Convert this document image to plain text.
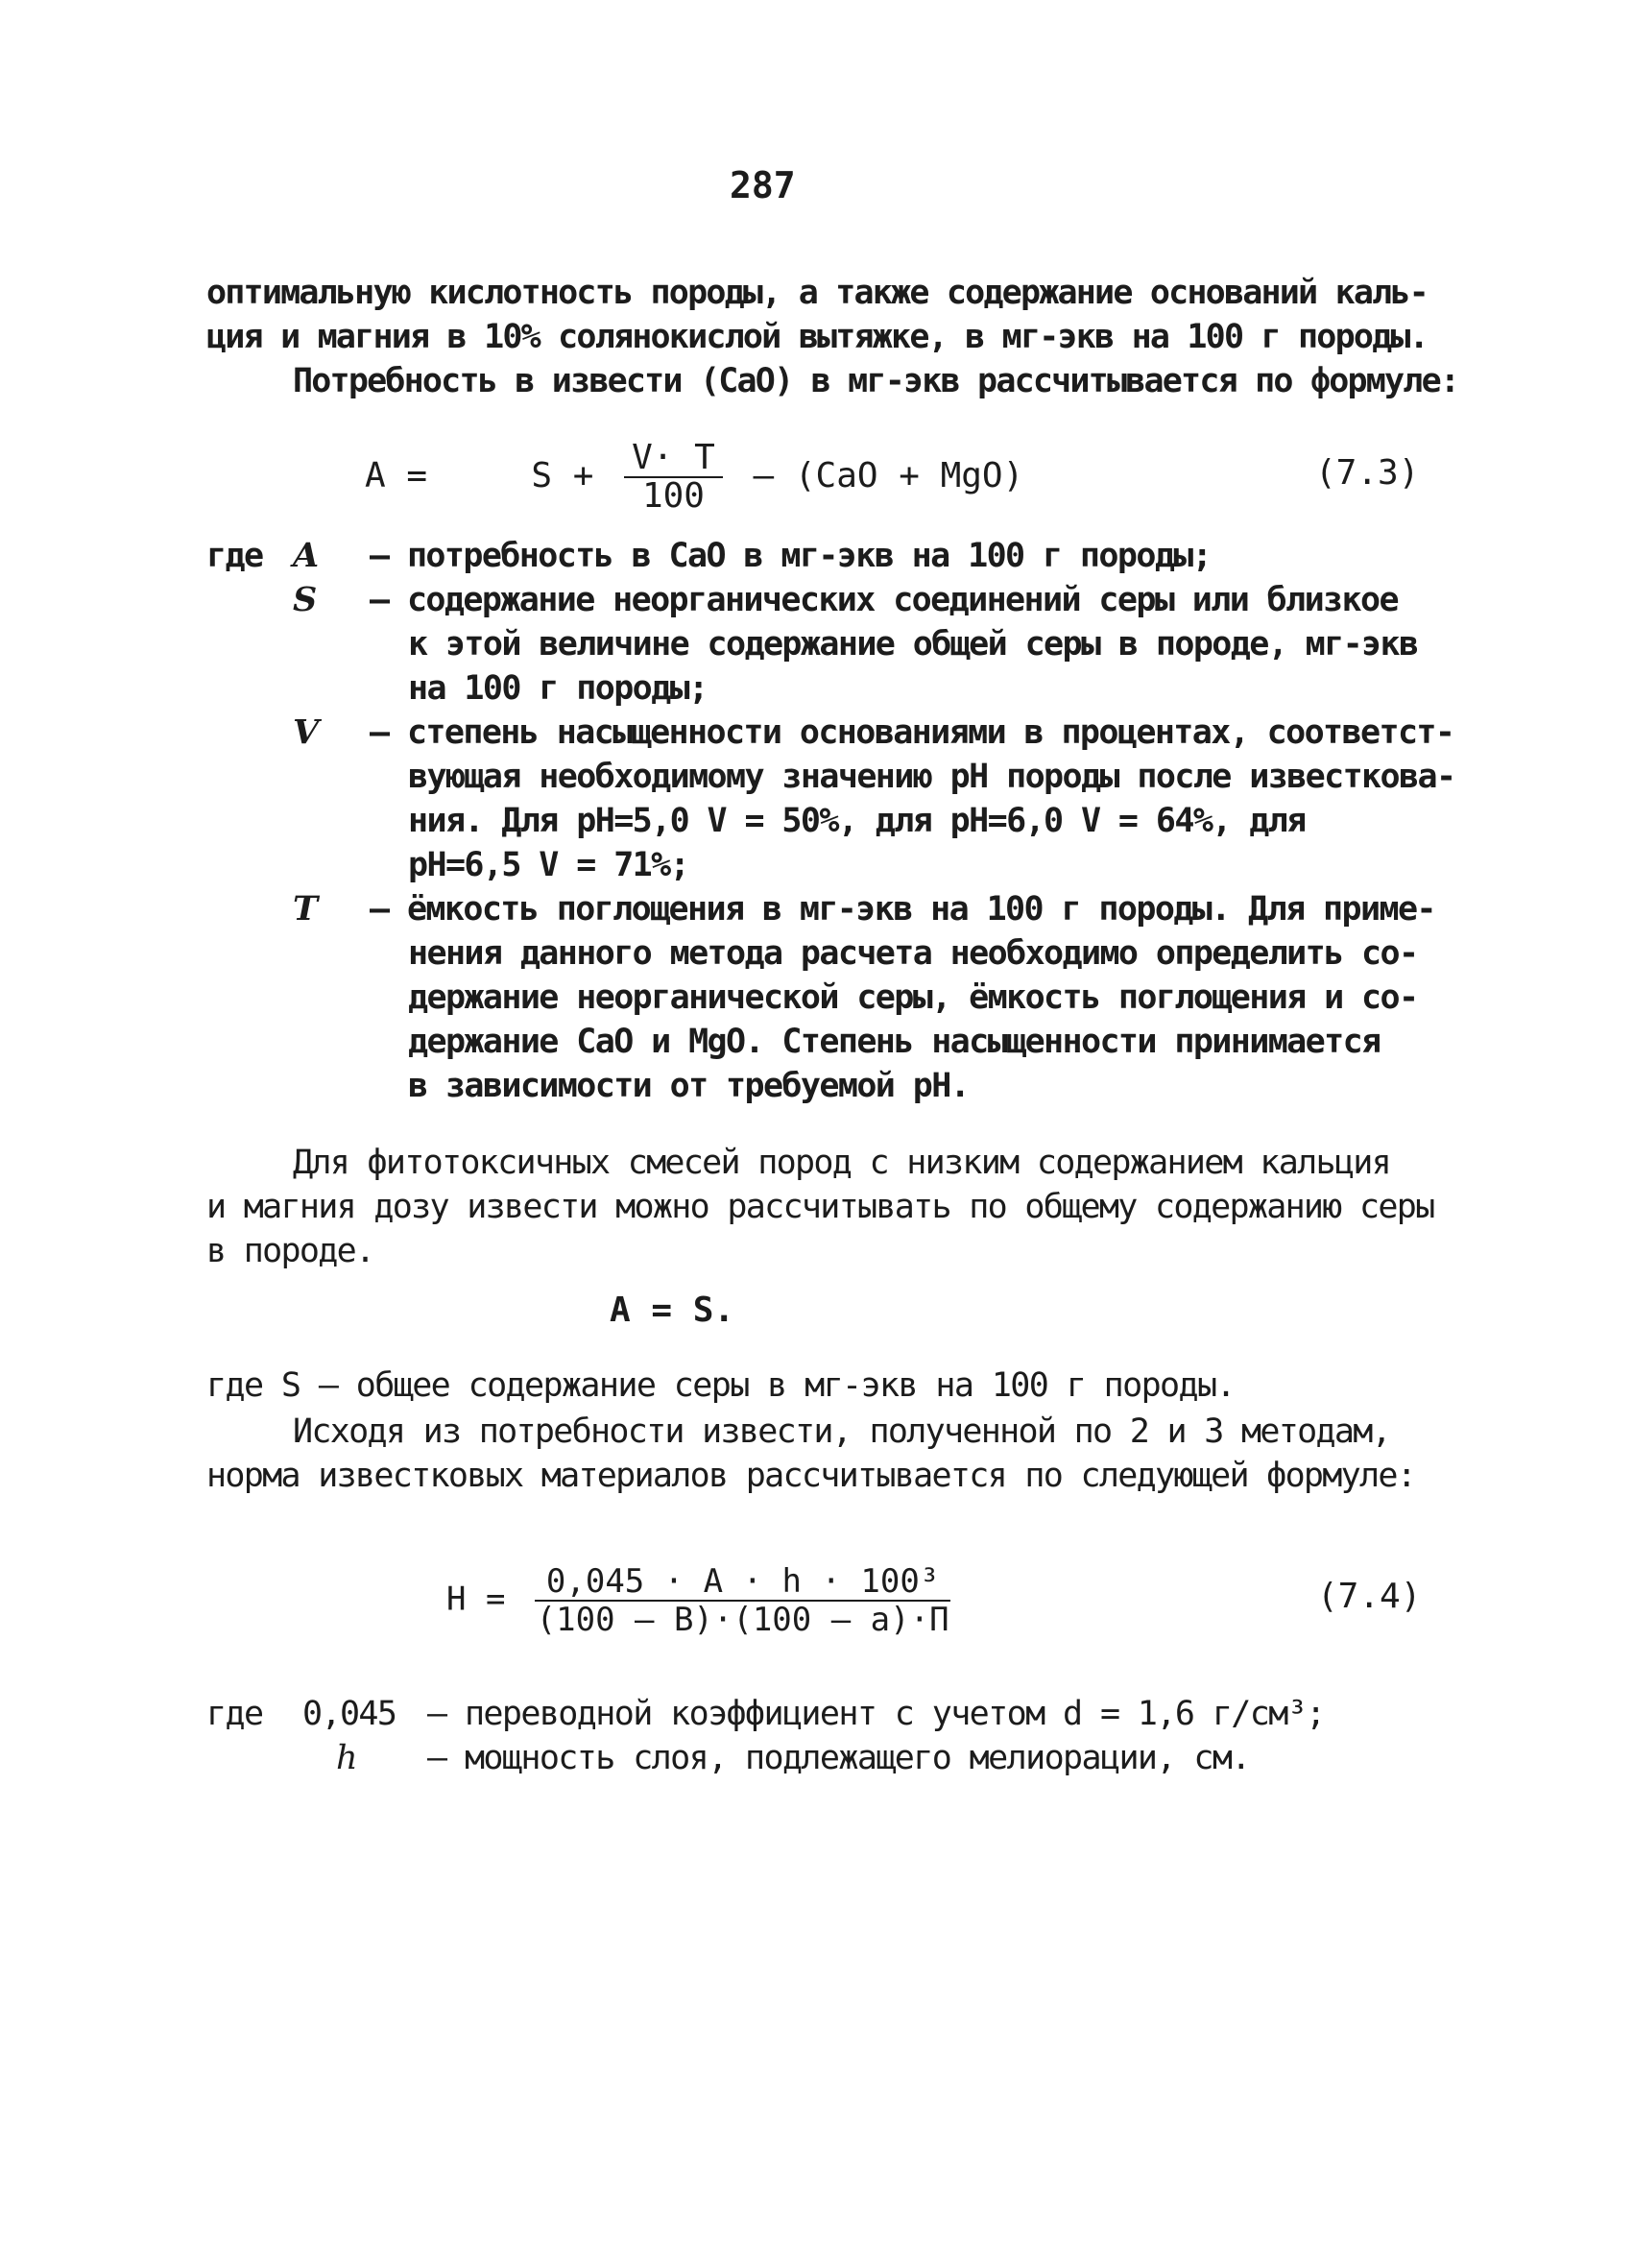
287
оптимальную кислотность породы, а также содержание оснований каль-
ция и магния в 10% солянокислой вытяжке, в мг-экв на 100 г породы.
Потребность в извести (CaO) в мг-экв рассчитывается по формуле:
A =	$S + \frac{V\cdot T}{100} - (CaO + MgO)$	(7.3)
где A	– потребность в CaO в мг-экв на 100 г породы;
S	– содержание неорганических соединений серы или близкое
к этой величине содержание общей серы в породе, мг-экв
на 100 г породы;
V	– степень насыщенности основаниями в процентах, соответст-
вующая необходимому значению pH породы после известкова-
ния. Для pH=5,0 V = 50%, для pH=6,0 V = 64%, для
pH=6,5 V = 71%;
T	– ёмкость поглощения в мг-экв на 100 г породы. Для приме-
нения данного метода расчета необходимо определить со-
держание неорганической серы, ёмкость поглощения и со-
держание CaO и MgO. Степень насыщенности принимается
в зависимости от требуемой pH.
Для фитотоксичных смесей пород с низким содержанием кальция
и магния дозу извести можно рассчитывать по общему содержанию серы
в породе.
A = S.
где S – общее содержание серы в мг-экв на 100 г породы.
Исходя из потребности извести, полученной по 2 и 3 методам,
норма известковых материалов рассчитывается по следующей формуле:
$H = \frac{\text{0,045 · A · h · 100³}}{(100 - B)\cdot(100 - a)\cdot П}$	(7.4)
где	0,045 – переводной коэффициент с учетом d = 1,6 г/см³;
h	– мощность слоя, подлежащего мелиорации, см.
